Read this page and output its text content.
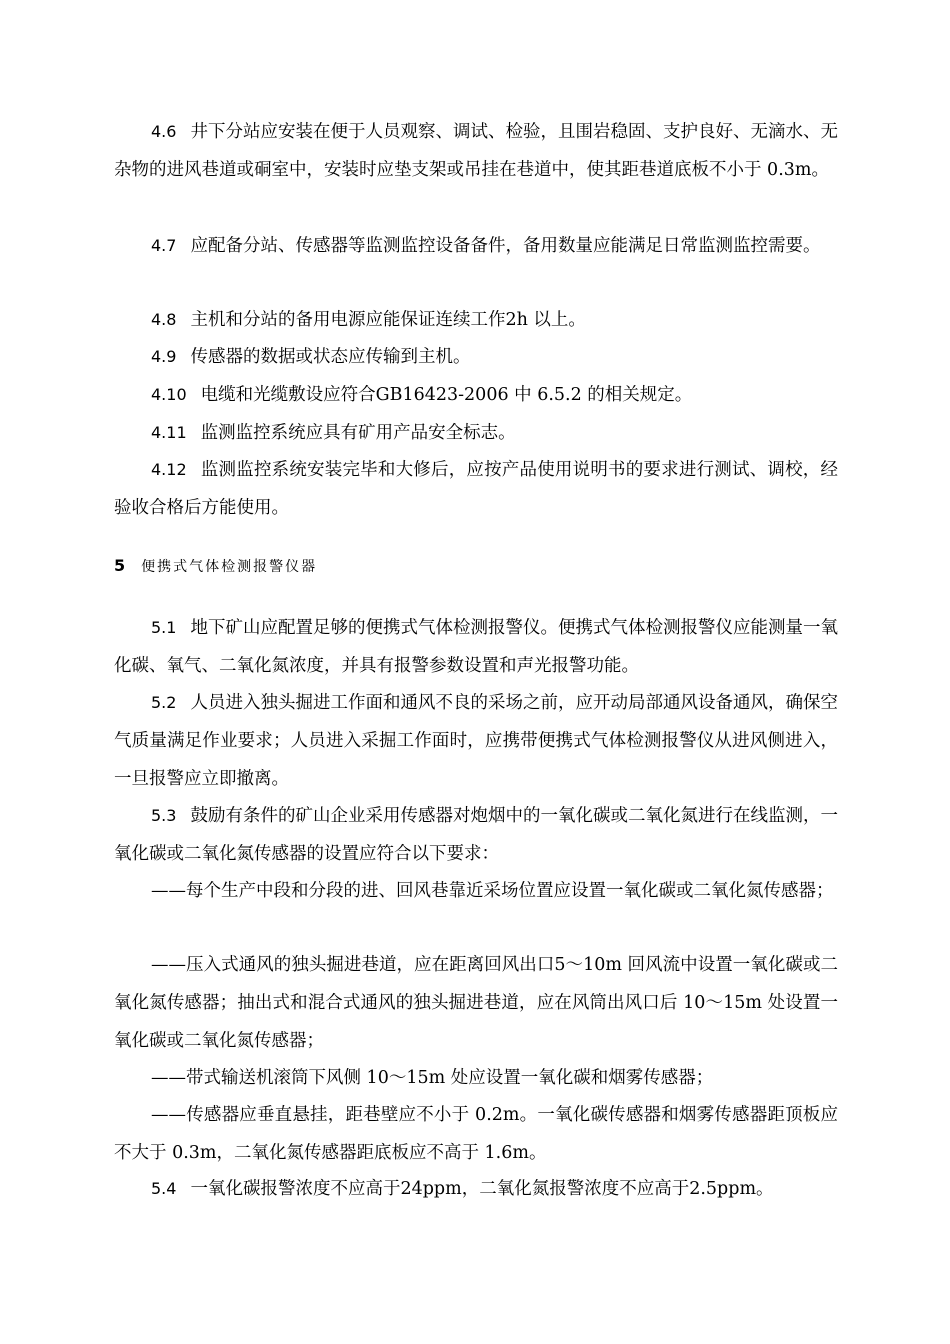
4.6 井下分站应安装在便于人员观察、调试、检验，且围岩稳固、支护良好、无滴水、无杂物的进风巷道或硐室中，安装时应垫支架或吊挂在巷道中，使其距巷道底板不小于 0.3m。

4.7 应配备分站、传感器等监测监控设备备件，备用数量应能满足日常监测监控需要。

4.8 主机和分站的备用电源应能保证连续工作2h 以上。

4.9 传感器的数据或状态应传输到主机。

4.10 电缆和光缆敷设应符合GB16423-2006 中 6.5.2 的相关规定。

4.11 监测监控系统应具有矿用产品安全标志。

4.12 监测监控系统安装完毕和大修后，应按产品使用说明书的要求进行测试、调校，经验收合格后方能使用。

5 便携式气体检测报警仪器

5.1 地下矿山应配置足够的便携式气体检测报警仪。便携式气体检测报警仪应能测量一氧化碳、氧气、二氧化氮浓度，并具有报警参数设置和声光报警功能。

5.2 人员进入独头掘进工作面和通风不良的采场之前，应开动局部通风设备通风，确保空气质量满足作业要求；人员进入采掘工作面时，应携带便携式气体检测报警仪从进风侧进入，一旦报警应立即撤离。

5.3 鼓励有条件的矿山企业采用传感器对炮烟中的一氧化碳或二氧化氮进行在线监测，一氧化碳或二氧化氮传感器的设置应符合以下要求：

——每个生产中段和分段的进、回风巷靠近采场位置应设置一氧化碳或二氧化氮传感器；

——压入式通风的独头掘进巷道，应在距离回风出口5～10m 回风流中设置一氧化碳或二氧化氮传感器；抽出式和混合式通风的独头掘进巷道，应在风筒出风口后 10～15m 处设置一氧化碳或二氧化氮传感器；

——带式输送机滚筒下风侧 10～15m 处应设置一氧化碳和烟雾传感器；

——传感器应垂直悬挂，距巷壁应不小于 0.2m。一氧化碳传感器和烟雾传感器距顶板应不大于 0.3m，二氧化氮传感器距底板应不高于 1.6m。

5.4 一氧化碳报警浓度不应高于24ppm，二氧化氮报警浓度不应高于2.5ppm。
